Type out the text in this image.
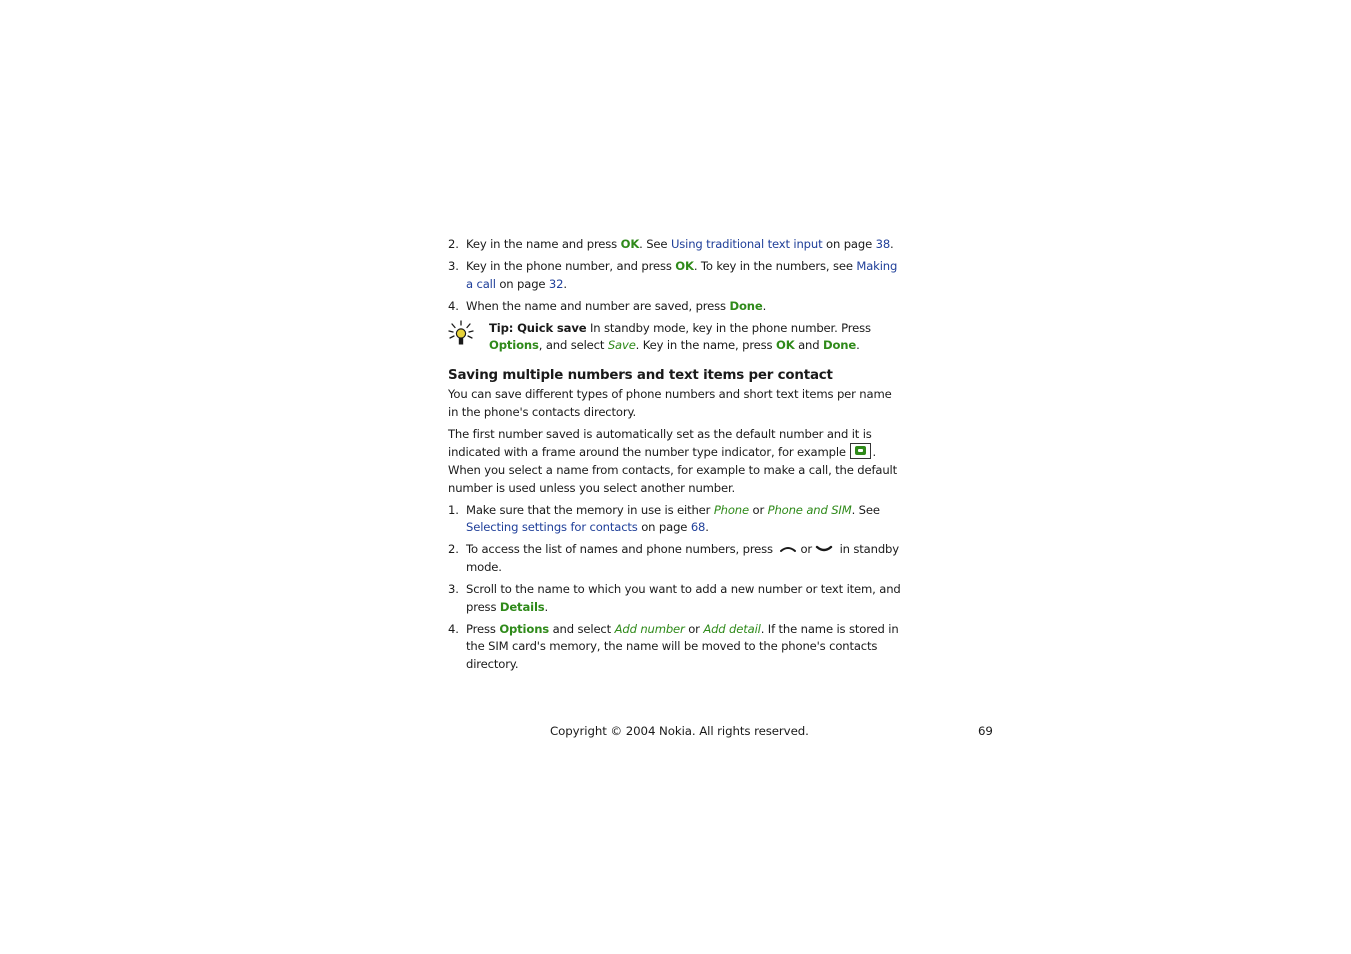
2. Key in the name and press OK. See Using traditional text input on page 38.
3. Key in the phone number, and press OK. To key in the numbers, see Making a call on page 32.
4. When the name and number are saved, press Done.
Tip: Quick save In standby mode, key in the phone number. Press Options, and select Save. Key in the name, press OK and Done.
Saving multiple numbers and text items per contact

You can save different types of phone numbers and short text items per name in the phone's contacts directory.

The first number saved is automatically set as the default number and it is indicated with a frame around the number type indicator, for example . When you select a name from contacts, for example to make a call, the default number is used unless you select another number.

1. Make sure that the memory in use is either Phone or Phone and SIM. See Selecting settings for contacts on page 68.
2. To access the list of names and phone numbers, press or in standby mode.
3. Scroll to the name to which you want to add a new number or text item, and press Details.
4. Press Options and select Add number or Add detail. If the name is stored in the SIM card's memory, the name will be moved to the phone's contacts directory.
Copyright © 2004 Nokia. All rights reserved.	69
